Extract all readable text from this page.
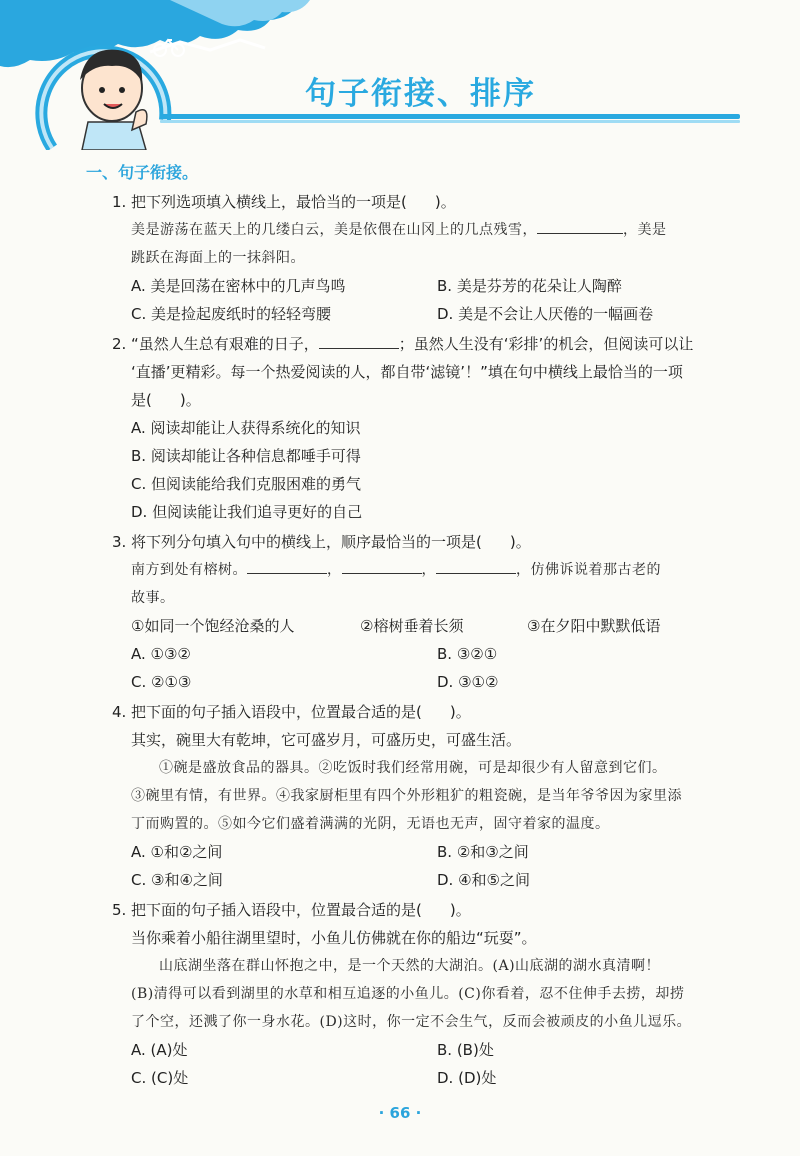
句子衔接、排序
一、句子衔接。
1. 把下列选项填入横线上，最恰当的一项是( )。
美是游荡在蓝天上的几缕白云，美是依偎在山冈上的几点残雪，	，美是
跳跃在海面上的一抹斜阳。
A. 美是回荡在密林中的几声鸟鸣	B. 美是芬芳的花朵让人陶醉
C. 美是捡起废纸时的轻轻弯腰	D. 美是不会让人厌倦的一幅画卷
2. “虽然人生总有艰难的日子，	；虽然人生没有‘彩排’的机会，但阅读可以让
‘直播’更精彩。每一个热爱阅读的人，都自带‘滤镜’！”填在句中横线上最恰当的一项
是( )。
A. 阅读却能让人获得系统化的知识
B. 阅读却能让各种信息都唾手可得
C. 但阅读能给我们克服困难的勇气
D. 但阅读能让我们追寻更好的自己
3. 将下列分句填入句中的横线上，顺序最恰当的一项是( )。
南方到处有榕树。	，	，	，仿佛诉说着那古老的
故事。
①如同一个饱经沧桑的人	②榕树垂着长须	③在夕阳中默默低语
A. ①③②	B. ③②①
C. ②①③	D. ③①②
4. 把下面的句子插入语段中，位置最合适的是( )。
其实，碗里大有乾坤，它可盛岁月，可盛历史，可盛生活。
①碗是盛放食品的器具。②吃饭时我们经常用碗，可是却很少有人留意到它们。
③碗里有情，有世界。④我家厨柜里有四个外形粗犷的粗瓷碗，是当年爷爷因为家里添
丁而购置的。⑤如今它们盛着满满的光阴，无语也无声，固守着家的温度。
A. ①和②之间	B. ②和③之间
C. ③和④之间	D. ④和⑤之间
5. 把下面的句子插入语段中，位置最合适的是( )。
当你乘着小船往湖里望时，小鱼儿仿佛就在你的船边“玩耍”。
山底湖坐落在群山怀抱之中，是一个天然的大湖泊。(A)山底湖的湖水真清啊！
(B)清得可以看到湖里的水草和相互追逐的小鱼儿。(C)你看着，忍不住伸手去捞，却捞
了个空，还溅了你一身水花。(D)这时，你一定不会生气，反而会被顽皮的小鱼儿逗乐。
A. (A)处	B. (B)处
C. (C)处	D. (D)处
· 66 ·
